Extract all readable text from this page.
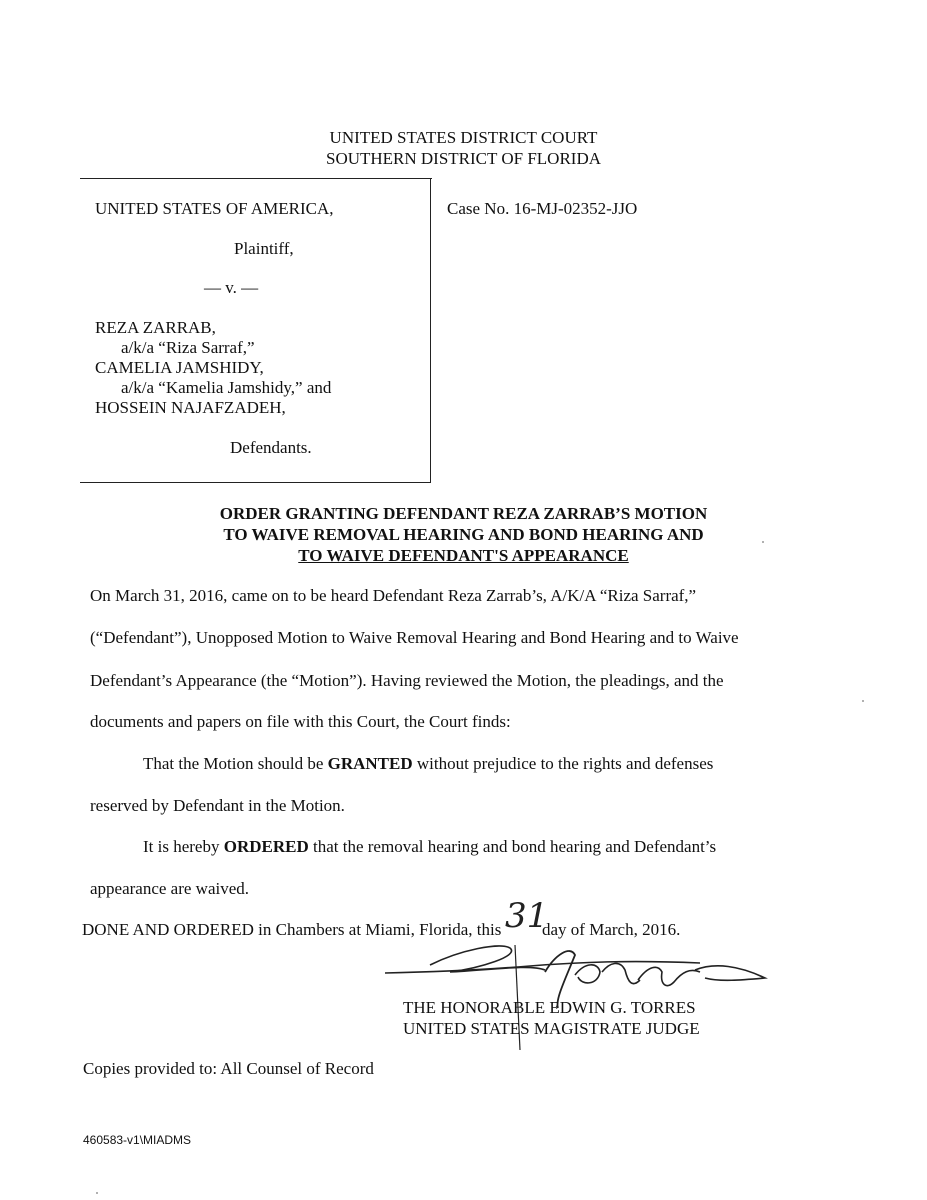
UNITED STATES DISTRICT COURT
SOUTHERN DISTRICT OF FLORIDA
UNITED STATES OF AMERICA,
Plaintiff,
— v. —
REZA ZARRAB,
a/k/a “Riza Sarraf,”
CAMELIA JAMSHIDY,
a/k/a “Kamelia Jamshidy,” and
HOSSEIN NAJAFZADEH,
Defendants.
Case No. 16-MJ-02352-JJO
ORDER GRANTING DEFENDANT REZA ZARRAB’S MOTION
TO WAIVE REMOVAL HEARING AND BOND HEARING AND
TO WAIVE DEFENDANT'S APPEARANCE
On March 31, 2016, came on to be heard Defendant Reza Zarrab’s, A/K/A “Riza Sarraf,”
(“Defendant”), Unopposed Motion to Waive Removal Hearing and Bond Hearing and to Waive
Defendant’s Appearance (the “Motion”). Having reviewed the Motion, the pleadings, and the
documents and papers on file with this Court, the Court finds:
That the Motion should be GRANTED without prejudice to the rights and defenses
reserved by Defendant in the Motion.
It is hereby ORDERED that the removal hearing and bond hearing and Defendant’s
appearance are waived.
DONE AND ORDERED in Chambers at Miami, Florida, this 31
day of March, 2016.
THE HONORABLE EDWIN G. TORRES
UNITED STATES MAGISTRATE JUDGE
Copies provided to: All Counsel of Record
460583-v1\MIADMS
